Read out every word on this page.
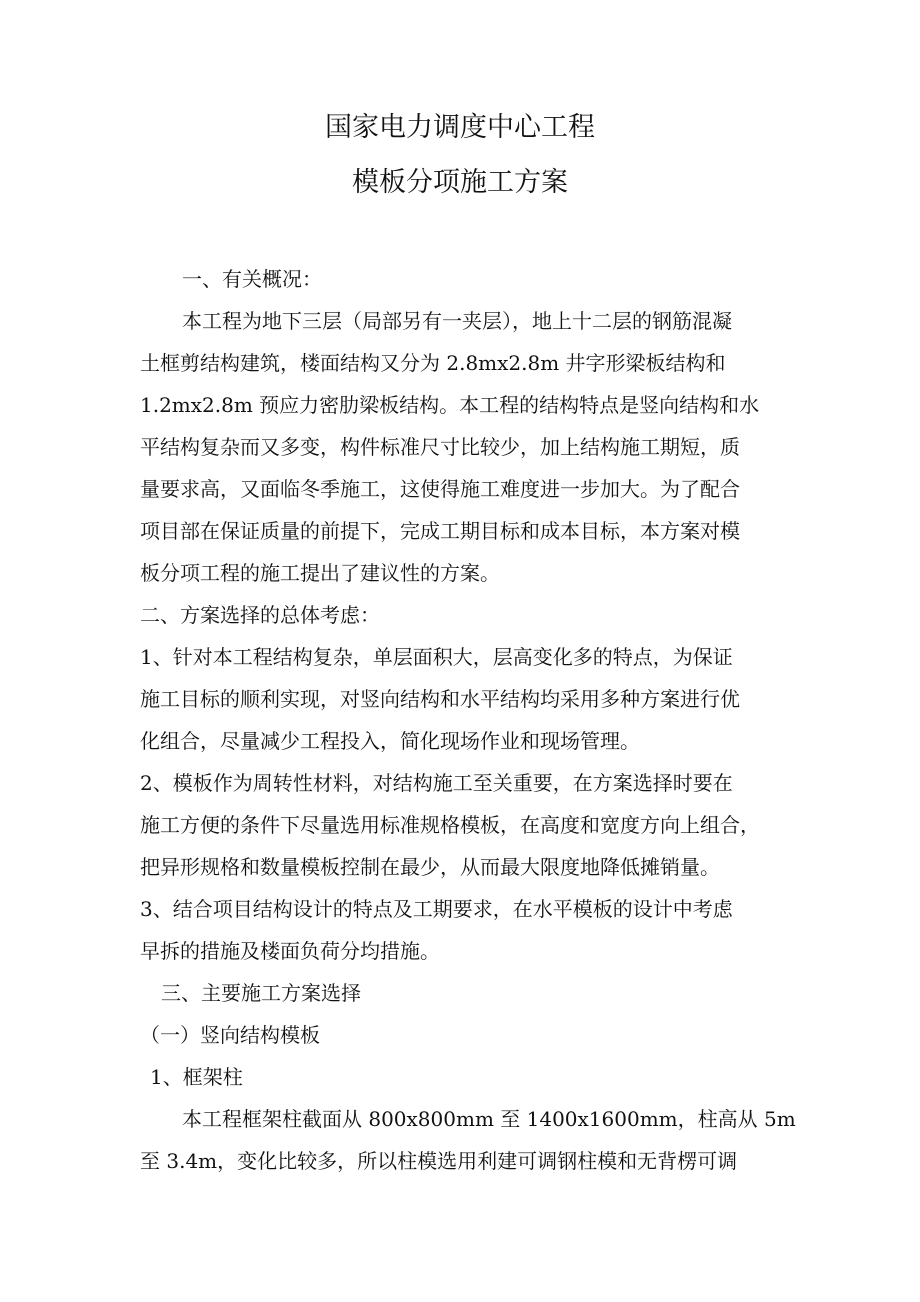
国家电力调度中心工程
模板分项施工方案
一、有关概况：
本工程为地下三层（局部另有一夹层），地上十二层的钢筋混凝
土框剪结构建筑，楼面结构又分为 2.8mx2.8m 井字形梁板结构和
1.2mx2.8m 预应力密肋梁板结构。本工程的结构特点是竖向结构和水
平结构复杂而又多变，构件标准尺寸比较少，加上结构施工期短，质
量要求高，又面临冬季施工，这使得施工难度进一步加大。为了配合
项目部在保证质量的前提下，完成工期目标和成本目标，本方案对模
板分项工程的施工提出了建议性的方案。
二、方案选择的总体考虑：
1、针对本工程结构复杂，单层面积大，层高变化多的特点，为保证
施工目标的顺利实现，对竖向结构和水平结构均采用多种方案进行优
化组合，尽量减少工程投入，简化现场作业和现场管理。
2、模板作为周转性材料，对结构施工至关重要，在方案选择时要在
施工方便的条件下尽量选用标准规格模板，在高度和宽度方向上组合，
把异形规格和数量模板控制在最少，从而最大限度地降低摊销量。
3、结合项目结构设计的特点及工期要求，在水平模板的设计中考虑
早拆的措施及楼面负荷分均措施。
三、主要施工方案选择
（一）竖向结构模板
1、框架柱
本工程框架柱截面从 800x800mm 至 1400x1600mm，柱高从 5m
至 3.4m，变化比较多，所以柱模选用利建可调钢柱模和无背楞可调
